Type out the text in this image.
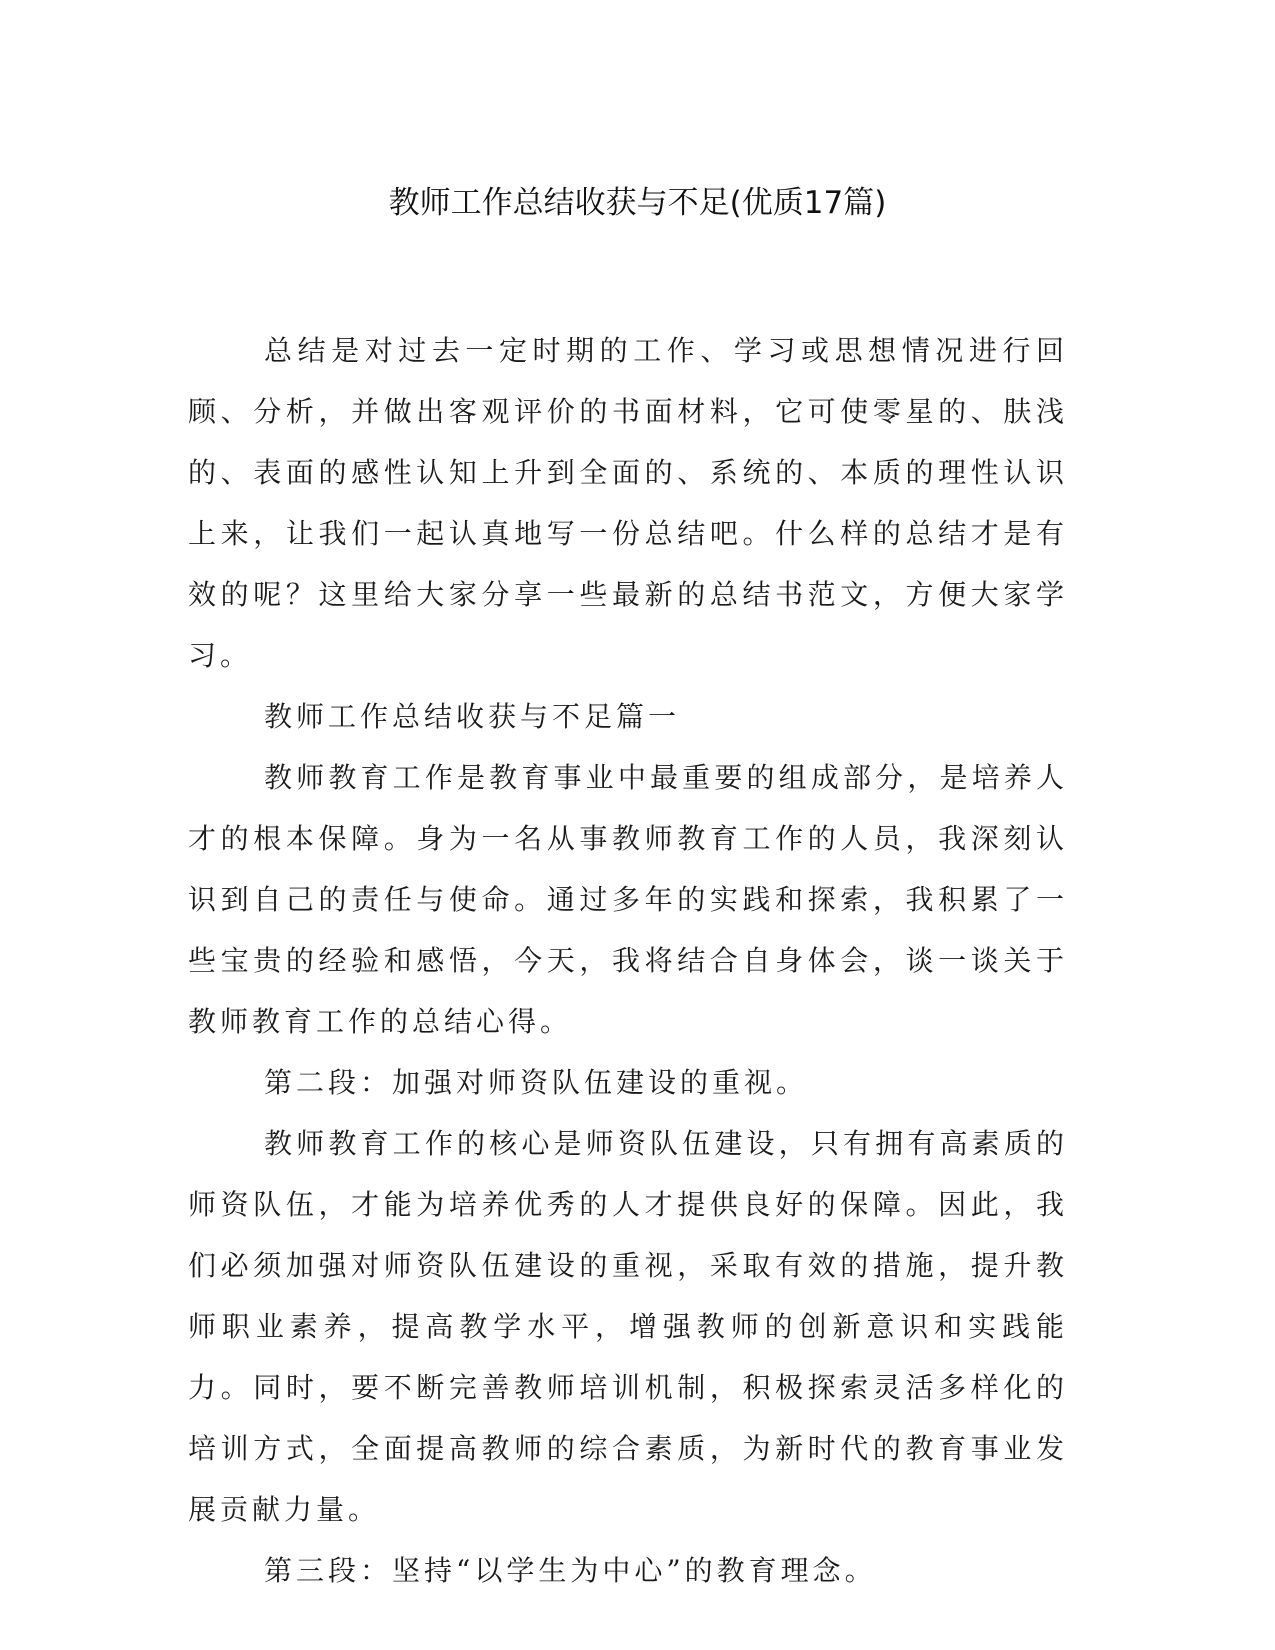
教师工作总结收获与不足(优质17篇)

总结是对过去一定时期的工作、学习或思想情况进行回顾、分析，并做出客观评价的书面材料，它可使零星的、肤浅的、表面的感性认知上升到全面的、系统的、本质的理性认识上来，让我们一起认真地写一份总结吧。什么样的总结才是有效的呢？这里给大家分享一些最新的总结书范文，方便大家学习。

教师工作总结收获与不足篇一

教师教育工作是教育事业中最重要的组成部分，是培养人才的根本保障。身为一名从事教师教育工作的人员，我深刻认识到自己的责任与使命。通过多年的实践和探索，我积累了一些宝贵的经验和感悟，今天，我将结合自身体会，谈一谈关于教师教育工作的总结心得。

第二段：加强对师资队伍建设的重视。

教师教育工作的核心是师资队伍建设，只有拥有高素质的师资队伍，才能为培养优秀的人才提供良好的保障。因此，我们必须加强对师资队伍建设的重视，采取有效的措施，提升教师职业素养，提高教学水平，增强教师的创新意识和实践能力。同时，要不断完善教师培训机制，积极探索灵活多样化的培训方式，全面提高教师的综合素质，为新时代的教育事业发展贡献力量。

第三段：坚持“以学生为中心”的教育理念。
